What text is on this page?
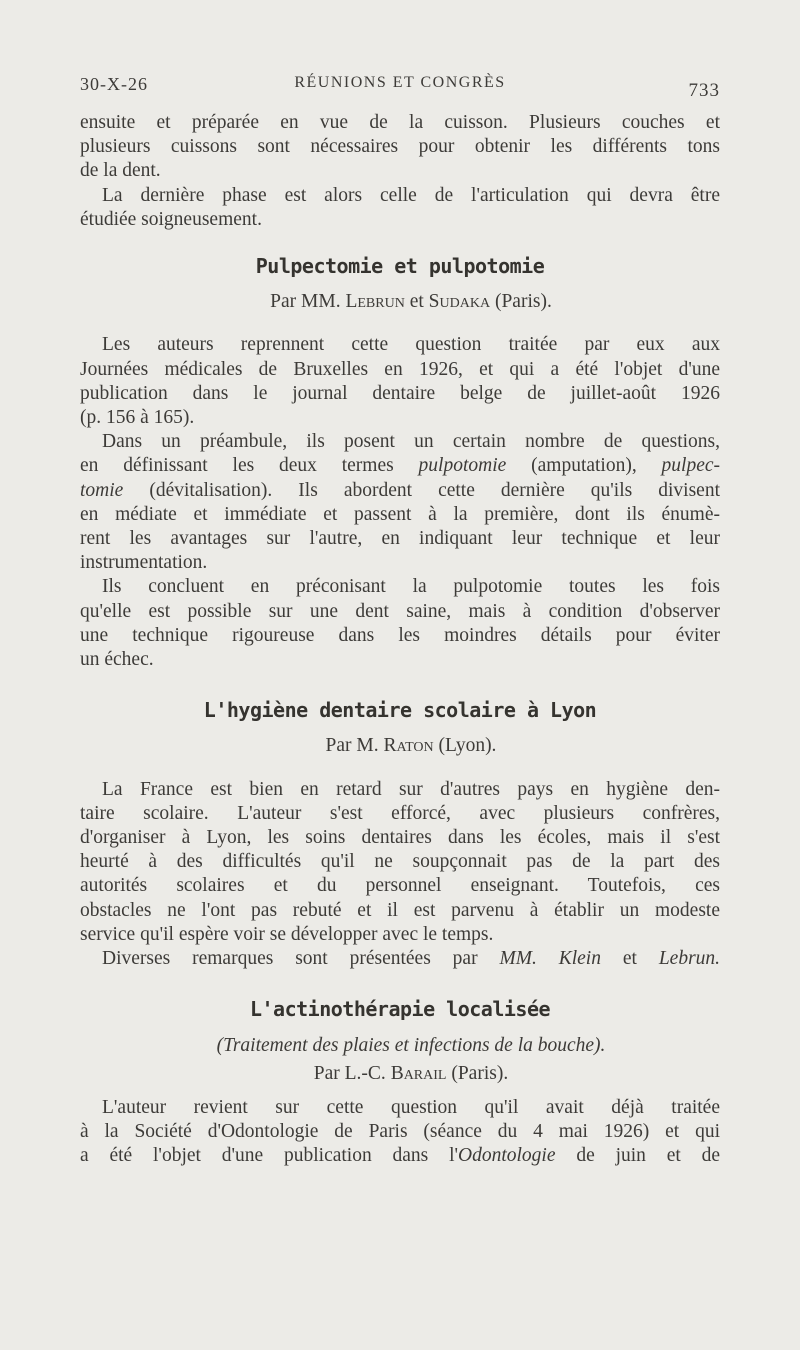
30-X-26	RÉUNIONS ET CONGRÈS	733

ensuite et préparée en vue de la cuisson. Plusieurs couches et
plusieurs cuissons sont nécessaires pour obtenir les différents tons
de la dent.

La dernière phase est alors celle de l'articulation qui devra être
étudiée soigneusement.

Pulpectomie et pulpotomie

Par MM. Lebrun et Sudaka (Paris).

Les auteurs reprennent cette question traitée par eux aux
Journées médicales de Bruxelles en 1926, et qui a été l'objet d'une
publication dans le journal dentaire belge de juillet-août 1926
(p. 156 à 165).

Dans un préambule, ils posent un certain nombre de questions,
en définissant les deux termes pulpotomie (amputation), pulpec-
tomie (dévitalisation). Ils abordent cette dernière qu'ils divisent
en médiate et immédiate et passent à la première, dont ils énumè-
rent les avantages sur l'autre, en indiquant leur technique et leur
instrumentation.

Ils concluent en préconisant la pulpotomie toutes les fois
qu'elle est possible sur une dent saine, mais à condition d'observer
une technique rigoureuse dans les moindres détails pour éviter
un échec.

L'hygiène dentaire scolaire à Lyon

Par M. Raton (Lyon).

La France est bien en retard sur d'autres pays en hygiène den-
taire scolaire. L'auteur s'est efforcé, avec plusieurs confrères,
d'organiser à Lyon, les soins dentaires dans les écoles, mais il s'est
heurté à des difficultés qu'il ne soupçonnait pas de la part des
autorités scolaires et du personnel enseignant. Toutefois, ces
obstacles ne l'ont pas rebuté et il est parvenu à établir un modeste
service qu'il espère voir se développer avec le temps.

Diverses remarques sont présentées par MM. Klein et Lebrun.

L'actinothérapie localisée

(Traitement des plaies et infections de la bouche).

Par L.-C. Barail (Paris).

L'auteur revient sur cette question qu'il avait déjà traitée
à la Société d'Odontologie de Paris (séance du 4 mai 1926) et qui
a été l'objet d'une publication dans l'Odontologie de juin et de
